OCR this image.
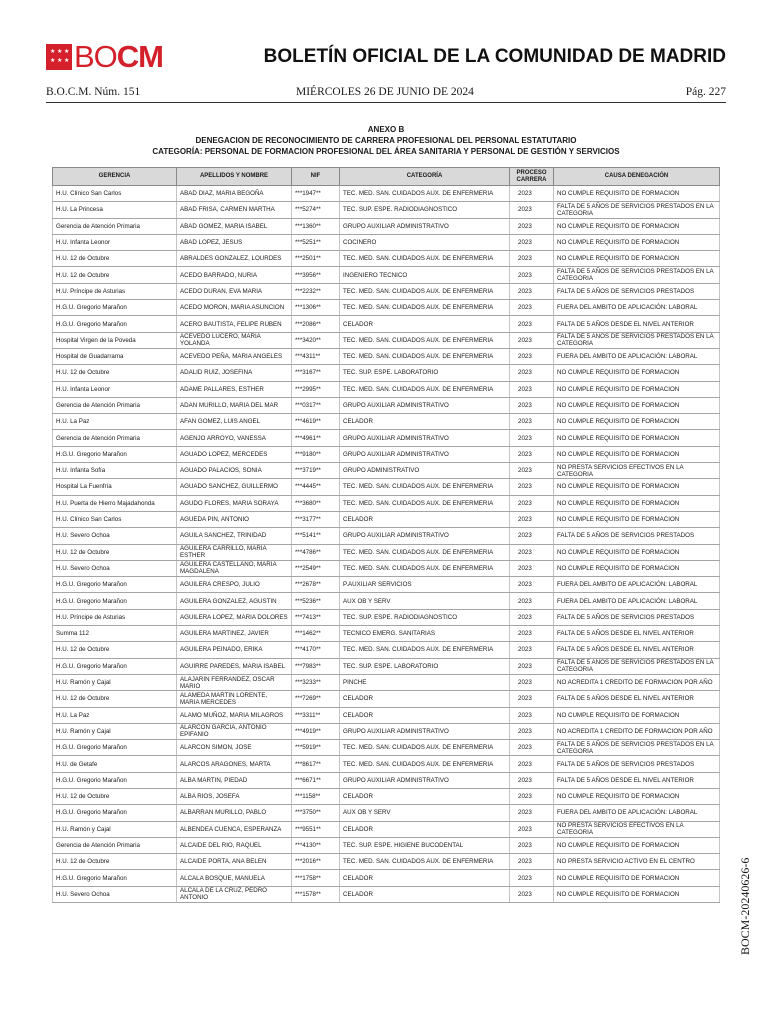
★ ★ ★
★ ★ ★ BO CM	BOLETÍN OFICIAL DE LA COMUNIDAD DE MADRID
B.O.C.M. Núm. 151	MIÉRCOLES 26 DE JUNIO DE 2024	Pág. 227
ANEXO B
DENEGACION DE RECONOCIMIENTO DE CARRERA PROFESIONAL DEL PERSONAL ESTATUTARIO
CATEGORÍA: PERSONAL DE FORMACION PROFESIONAL DEL ÁREA SANITARIA Y PERSONAL DE GESTIÓN Y SERVICIOS
GERENCIA	APELLIDOS Y NOMBRE	NIF	CATEGORÍA	PROCESO CARRERA	CAUSA DENEGACIÓN
H.U. Clínico San Carlos	ABAD DIAZ, MARIA BEGOÑA	***1947**	TEC. MED. SAN. CUIDADOS AUX. DE ENFERMERIA	2023	NO CUMPLE REQUISITO DE FORMACION
H.U. La Princesa	ABAD FRISA, CARMEN MARTHA	***5274**	TEC. SUP. ESPE. RADIODIAGNOSTICO	2023	FALTA DE 5 AÑOS DE SERVICIOS PRESTADOS EN LA CATEGORIA
Gerencia de Atención Primaria	ABAD GOMEZ, MARIA ISABEL	***1360**	GRUPO AUXILIAR ADMINISTRATIVO	2023	NO CUMPLE REQUISITO DE FORMACION
H.U. Infanta Leonor	ABAD LOPEZ, JESUS	***5251**	COCINERO	2023	NO CUMPLE REQUISITO DE FORMACION
H.U. 12 de Octubre	ABRALDES GONZALEZ, LOURDES	***2501**	TEC. MED. SAN. CUIDADOS AUX. DE ENFERMERIA	2023	NO CUMPLE REQUISITO DE FORMACION
H.U. 12 de Octubre	ACEDO BARRADO, NURIA	***3956**	INGENIERO TECNICO	2023	FALTA DE 5 AÑOS DE SERVICIOS PRESTADOS EN LA CATEGORIA
H.U. Príncipe de Asturias	ACEDO DURAN, EVA MARIA	***2232**	TEC. MED. SAN. CUIDADOS AUX. DE ENFERMERIA	2023	FALTA DE 5 AÑOS DE SERVICIOS PRESTADOS
H.G.U. Gregorio Marañon	ACEDO MORON, MARIA ASUNCION	***1306**	TEC. MED. SAN. CUIDADOS AUX. DE ENFERMERIA	2023	FUERA DEL AMBITO DE APLICACIÓN: LABORAL
H.G.U. Gregorio Marañon	ACERO BAUTISTA, FELIPE RUBEN	***2086**	CELADOR	2023	FALTA DE 5 AÑOS DESDE EL NIVEL ANTERIOR
Hospital Virgen de la Poveda	ACEVEDO LUCERO, MARIA YOLANDA	***3420**	TEC. MED. SAN. CUIDADOS AUX. DE ENFERMERIA	2023	FALTA DE 5 AÑOS DE SERVICIOS PRESTADOS EN LA CATEGORIA
Hospital de Guadarrama	ACEVEDO PEÑA, MARIA ANGELES	***4311**	TEC. MED. SAN. CUIDADOS AUX. DE ENFERMERIA	2023	FUERA DEL AMBITO DE APLICACIÓN: LABORAL
H.U. 12 de Octubre	ADALID RUIZ, JOSEFINA	***3167**	TEC. SUP. ESPE. LABORATORIO	2023	NO CUMPLE REQUISITO DE FORMACION
H.U. Infanta Leonor	ADAME PALLARES, ESTHER	***2995**	TEC. MED. SAN. CUIDADOS AUX. DE ENFERMERIA	2023	NO CUMPLE REQUISITO DE FORMACION
Gerencia de Atención Primaria	ADAN MURILLO, MARIA DEL MAR	***0317**	GRUPO AUXILIAR ADMINISTRATIVO	2023	NO CUMPLE REQUISITO DE FORMACION
H.U. La Paz	AFAN GOMEZ, LUIS ANGEL	***4619**	CELADOR	2023	NO CUMPLE REQUISITO DE FORMACION
Gerencia de Atención Primaria	AGENJO ARROYO, VANESSA	***4961**	GRUPO AUXILIAR ADMINISTRATIVO	2023	NO CUMPLE REQUISITO DE FORMACION
H.G.U. Gregorio Marañon	AGUADO LOPEZ, MERCEDES	***9180**	GRUPO AUXILIAR ADMINISTRATIVO	2023	NO CUMPLE REQUISITO DE FORMACION
H.U. Infanta Sofía	AGUADO PALACIOS, SONIA	***3719**	GRUPO ADMINISTRATIVO	2023	NO PRESTA SERVICIOS EFECTIVOS EN LA CATEGORIA
Hospital La Fuenfría	AGUADO SANCHEZ, GUILLERMO	***4445**	TEC. MED. SAN. CUIDADOS AUX. DE ENFERMERIA	2023	NO CUMPLE REQUISITO DE FORMACION
H.U. Puerta de Hierro Majadahonda	AGUDO FLORES, MARIA SORAYA	***3680**	TEC. MED. SAN. CUIDADOS AUX. DE ENFERMERIA	2023	NO CUMPLE REQUISITO DE FORMACION
H.U. Clínico San Carlos	AGUEDA PIN, ANTONIO	***3177**	CELADOR	2023	NO CUMPLE REQUISITO DE FORMACION
H.U. Severo Ochoa	AGUILA SANCHEZ, TRINIDAD	***5141**	GRUPO AUXILIAR ADMINISTRATIVO	2023	FALTA DE 5 AÑOS DE SERVICIOS PRESTADOS
H.U. 12 de Octubre	AGUILERA CARRILLO, MARIA ESTHER	***4786**	TEC. MED. SAN. CUIDADOS AUX. DE ENFERMERIA	2023	NO CUMPLE REQUISITO DE FORMACION
H.U. Severo Ochoa	AGUILERA CASTELLANO, MARIA MAGDALENA	***2549**	TEC. MED. SAN. CUIDADOS AUX. DE ENFERMERIA	2023	NO CUMPLE REQUISITO DE FORMACION
H.G.U. Gregorio Marañon	AGUILERA CRESPO, JULIO	***2678**	P.AUXILIAR SERVICIOS	2023	FUERA DEL AMBITO DE APLICACIÓN: LABORAL
H.G.U. Gregorio Marañon	AGUILERA GONZALEZ, AGUSTIN	***5236**	AUX OB Y SERV	2023	FUERA DEL AMBITO DE APLICACIÓN: LABORAL
H.U. Príncipe de Asturias	AGUILERA LOPEZ, MARIA DOLORES	***7413**	TEC. SUP. ESPE. RADIODIAGNOSTICO	2023	FALTA DE 5 AÑOS DE SERVICIOS PRESTADOS
Summa 112	AGUILERA MARTINEZ, JAVIER	***1462**	TECNICO EMERG. SANITARIAS	2023	FALTA DE 5 AÑOS DESDE EL NIVEL ANTERIOR
H.U. 12 de Octubre	AGUILERA PEINADO, ERIKA	***4170**	TEC. MED. SAN. CUIDADOS AUX. DE ENFERMERIA	2023	FALTA DE 5 AÑOS DESDE EL NIVEL ANTERIOR
H.G.U. Gregorio Marañon	AGUIRRE PAREDES, MARIA ISABEL	***7983**	TEC. SUP. ESPE. LABORATORIO	2023	FALTA DE 5 AÑOS DE SERVICIOS PRESTADOS EN LA CATEGORIA
H.U. Ramón y Cajal	ALAJARIN FERRANDEZ, OSCAR MARIO	***3233**	PINCHE	2023	NO ACREDITA 1 CREDITO DE FORMACION POR AÑO
H.U. 12 de Octubre	ALAMEDA MARTIN LORENTE, MARIA MERCEDES	***7269**	CELADOR	2023	FALTA DE 5 AÑOS DESDE EL NIVEL ANTERIOR
H.U. La Paz	ALAMO MUÑOZ, MARIA MILAGROS	***3311**	CELADOR	2023	NO CUMPLE REQUISITO DE FORMACION
H.U. Ramón y Cajal	ALARCON GARCIA, ANTONIO EPIFANIO	***4919**	GRUPO AUXILIAR ADMINISTRATIVO	2023	NO ACREDITA 1 CREDITO DE FORMACION POR AÑO
H.G.U. Gregorio Marañon	ALARCON SIMON, JOSE	***5919**	TEC. MED. SAN. CUIDADOS AUX. DE ENFERMERIA	2023	FALTA DE 5 AÑOS DE SERVICIOS PRESTADOS EN LA CATEGORIA
H.U. de Getafe	ALARCOS ARAGONES, MARTA	***8617**	TEC. MED. SAN. CUIDADOS AUX. DE ENFERMERIA	2023	FALTA DE 5 AÑOS DE SERVICIOS PRESTADOS
H.G.U. Gregorio Marañon	ALBA MARTIN, PIEDAD	***6671**	GRUPO AUXILIAR ADMINISTRATIVO	2023	FALTA DE 5 AÑOS DESDE EL NIVEL ANTERIOR
H.U. 12 de Octubre	ALBA RIOS, JOSEFA	***1158**	CELADOR	2023	NO CUMPLE REQUISITO DE FORMACION
H.G.U. Gregorio Marañon	ALBARRAN MURILLO, PABLO	***3750**	AUX OB Y SERV	2023	FUERA DEL AMBITO DE APLICACIÓN: LABORAL
H.U. Ramón y Cajal	ALBENDEA CUENCA, ESPERANZA	***9551**	CELADOR	2023	NO PRESTA SERVICIOS EFECTIVOS EN LA CATEGORIA
Gerencia de Atención Primaria	ALCAIDE DEL RIO, RAQUEL	***4130**	TEC. SUP. ESPE. HIGIENE BUCODENTAL	2023	NO CUMPLE REQUISITO DE FORMACION
H.U. 12 de Octubre	ALCAIDE PORTA, ANA BELEN	***2016**	TEC. MED. SAN. CUIDADOS AUX. DE ENFERMERIA	2023	NO PRESTA SERVICIO ACTIVO EN EL CENTRO
H.G.U. Gregorio Marañon	ALCALA BOSQUE, MANUELA	***1758**	CELADOR	2023	NO CUMPLE REQUISITO DE FORMACION
H.U. Severo Ochoa	ALCALA DE LA CRUZ, PEDRO ANTONIO	***1578**	CELADOR	2023	NO CUMPLE REQUISITO DE FORMACION	BOCM-20240626-6
